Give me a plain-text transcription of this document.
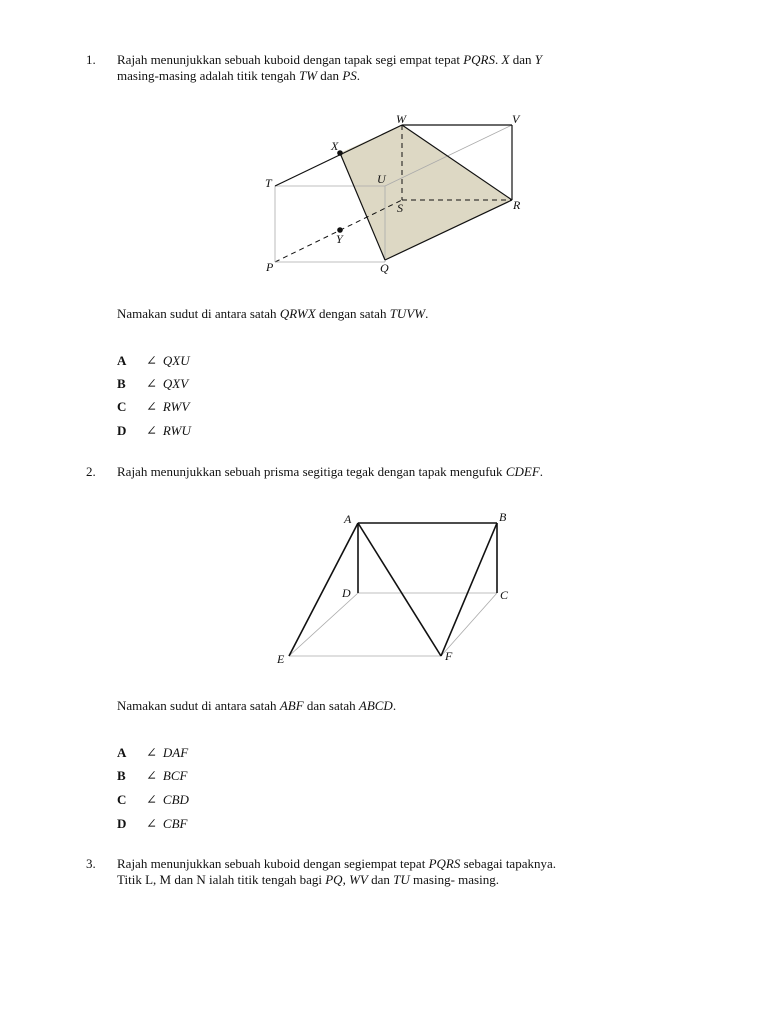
1. Rajah menunjukkan sebuah kuboid dengan tapak segi empat tepat PQRS. X dan Y
masing-masing adalah titik tengah TW dan PS.
W	V
X
T	U
S	R
Y
P	Q
Namakan sudut di antara satah QRWX dengan satah TUVW.
A ∠ QXU
B ∠ QXV
C ∠ RWV
D ∠ RWU
2. Rajah menunjukkan sebuah prisma segitiga tegak dengan tapak mengufuk CDEF.
A	B
D	C
E	F
Namakan sudut di antara satah ABF dan satah ABCD.
A ∠ DAF
B ∠ BCF
C ∠ CBD
D ∠ CBF
3. Rajah menunjukkan sebuah kuboid dengan segiempat tepat PQRS sebagai tapaknya.
Titik L, M dan N ialah titik tengah bagi PQ, WV dan TU masing- masing.
